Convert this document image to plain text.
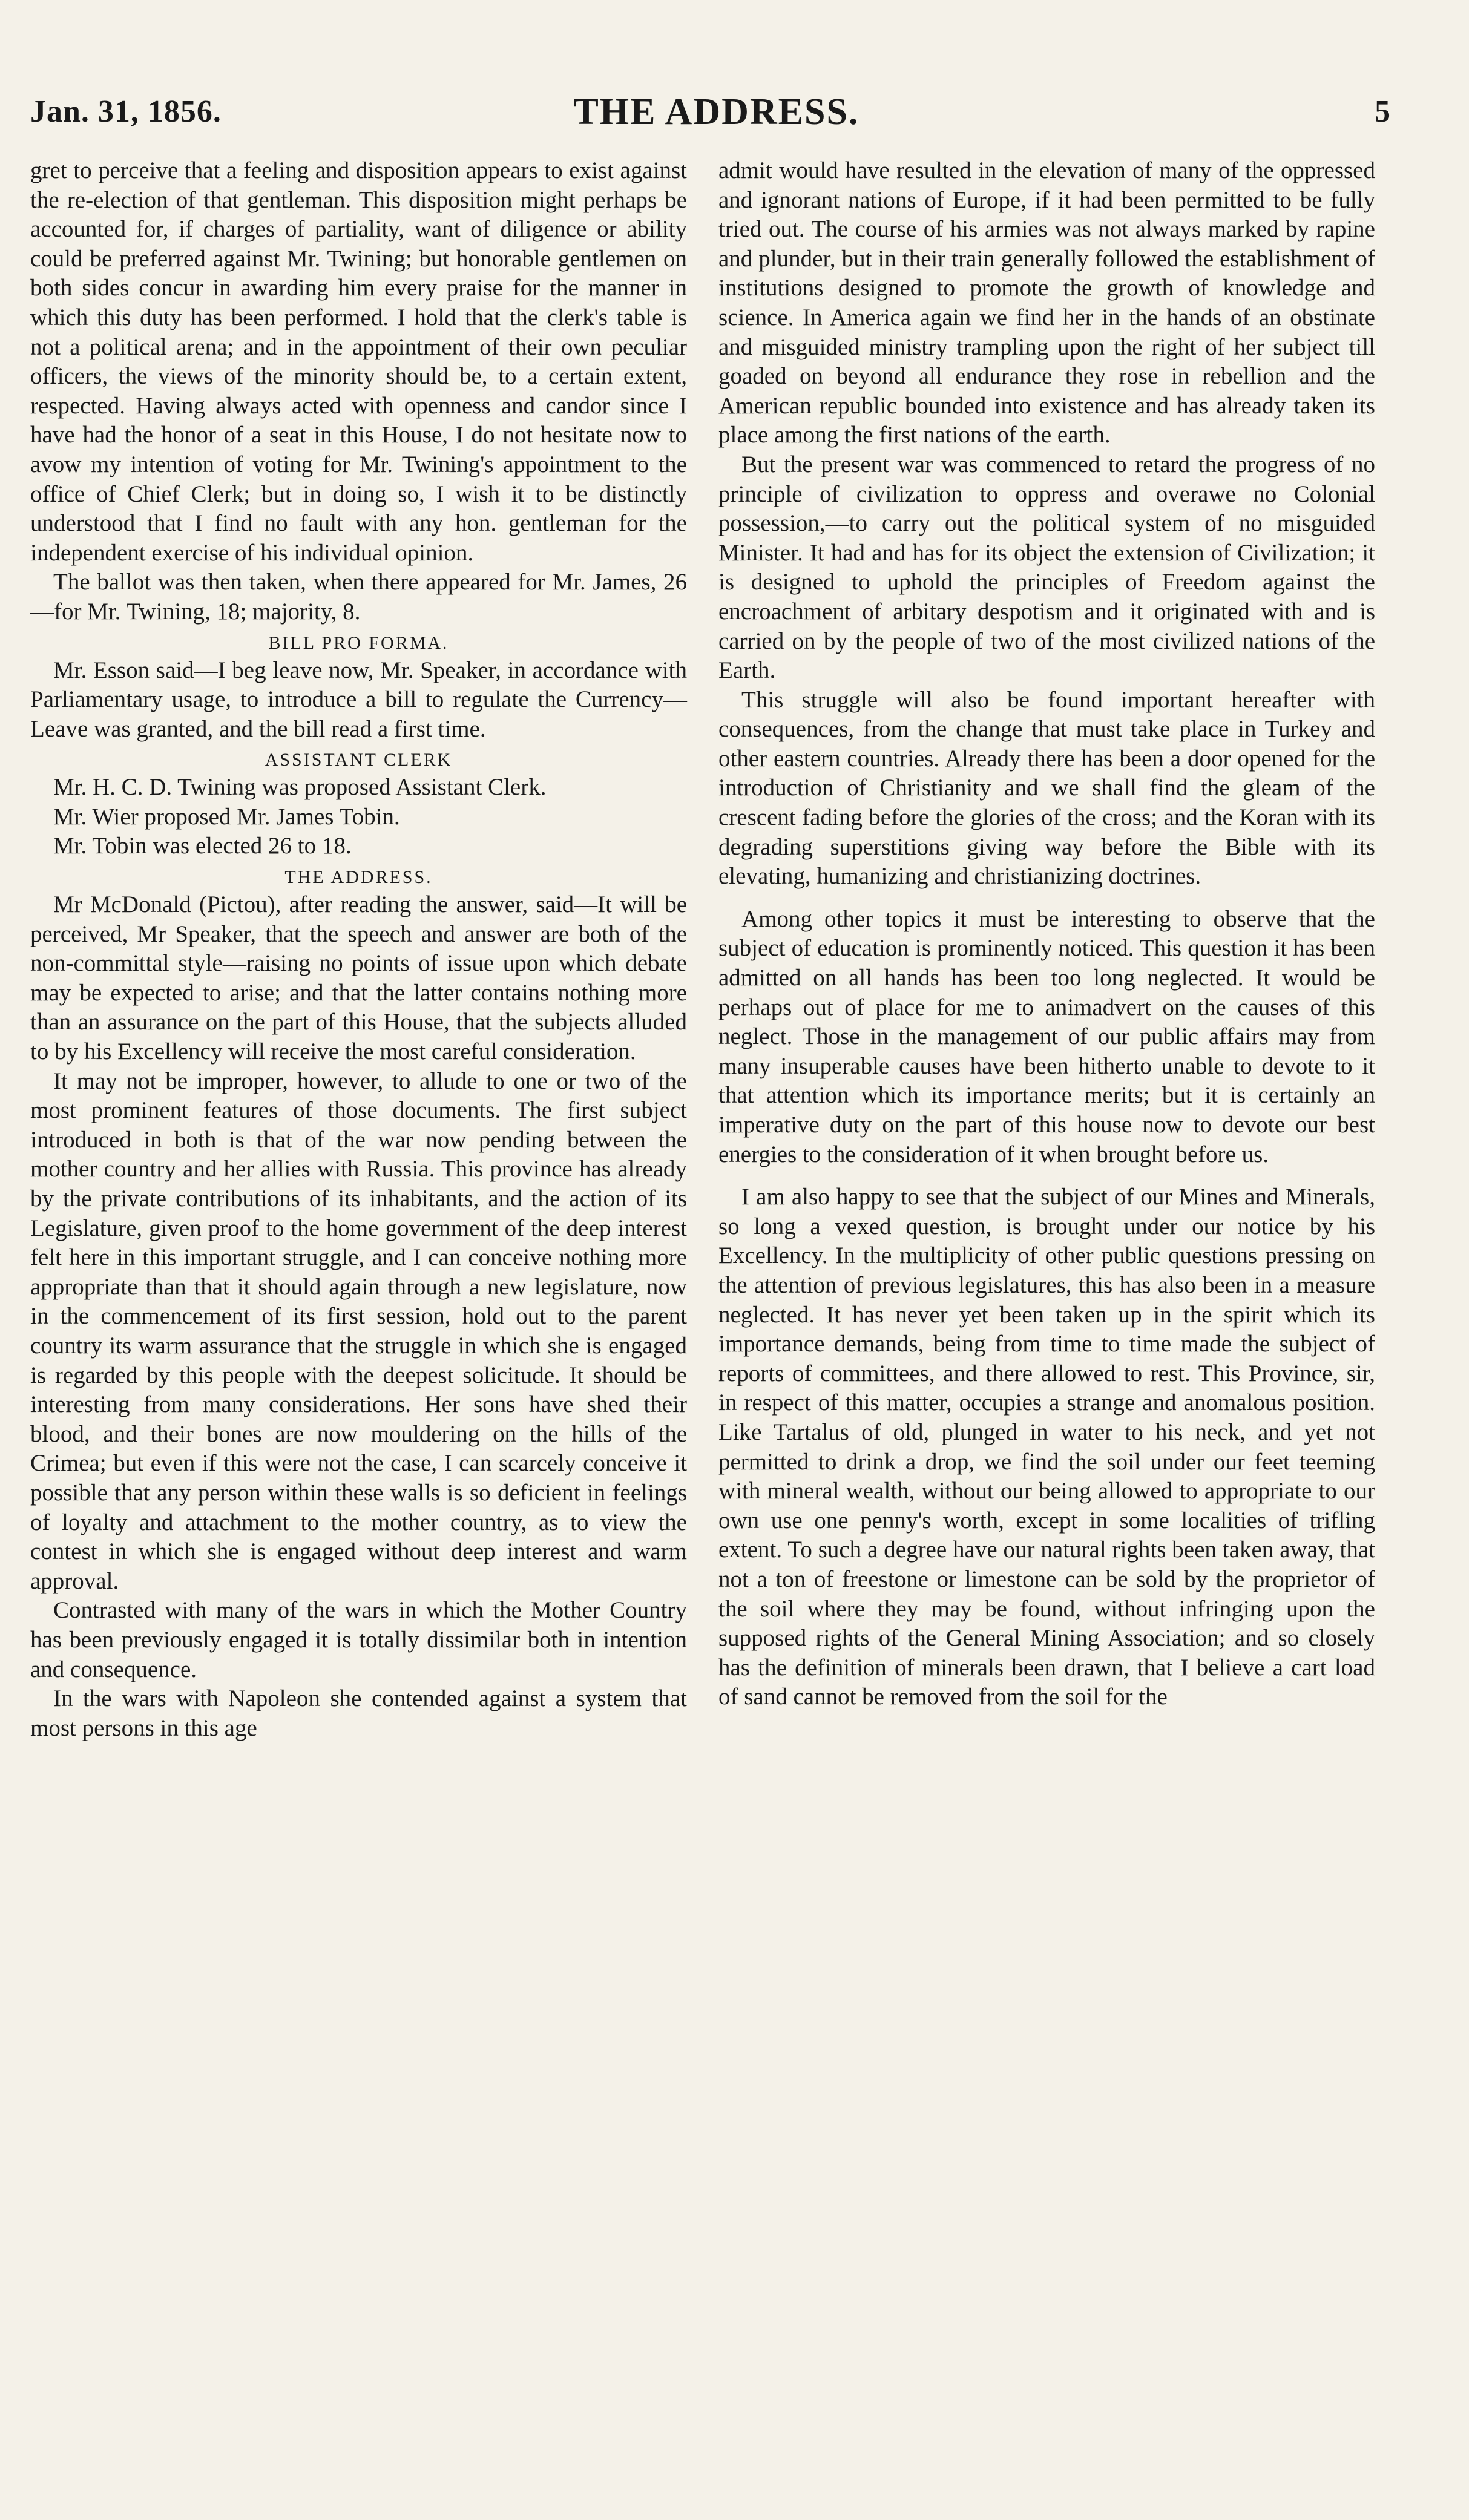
Jan. 31, 1856.	THE ADDRESS.	5

gret to perceive that a feeling and disposition appears to exist against the re-election of that gentleman. This disposition might perhaps be accounted for, if charges of partiality, want of diligence or ability could be preferred against Mr. Twining; but honorable gentlemen on both sides concur in awarding him every praise for the manner in which this duty has been performed. I hold that the clerk's table is not a political arena; and in the appointment of their own peculiar officers, the views of the minority should be, to a certain extent, respected. Having always acted with openness and candor since I have had the honor of a seat in this House, I do not hesitate now to avow my intention of voting for Mr. Twining's appointment to the office of Chief Clerk; but in doing so, I wish it to be distinctly understood that I find no fault with any hon. gentleman for the independent exercise of his individual opinion.

The ballot was then taken, when there appeared for Mr. James, 26—for Mr. Twining, 18; majority, 8.

BILL PRO FORMA.

Mr. Esson said—I beg leave now, Mr. Speaker, in accordance with Parliamentary usage, to introduce a bill to regulate the Currency—Leave was granted, and the bill read a first time.

ASSISTANT CLERK

Mr. H. C. D. Twining was proposed Assistant Clerk.

Mr. Wier proposed Mr. James Tobin.

Mr. Tobin was elected 26 to 18.

THE ADDRESS.

Mr McDonald (Pictou), after reading the answer, said—It will be perceived, Mr Speaker, that the speech and answer are both of the non-committal style—raising no points of issue upon which debate may be expected to arise; and that the latter contains nothing more than an assurance on the part of this House, that the subjects alluded to by his Excellency will receive the most careful consideration.

It may not be improper, however, to allude to one or two of the most prominent features of those documents. The first subject introduced in both is that of the war now pending between the mother country and her allies with Russia. This province has already by the private contributions of its inhabitants, and the action of its Legislature, given proof to the home government of the deep interest felt here in this important struggle, and I can conceive nothing more appropriate than that it should again through a new legislature, now in the commencement of its first session, hold out to the parent country its warm assurance that the struggle in which she is engaged is regarded by this people with the deepest solicitude. It should be interesting from many considerations. Her sons have shed their blood, and their bones are now mouldering on the hills of the Crimea; but even if this were not the case, I can scarcely conceive it possible that any person within these walls is so deficient in feelings of loyalty and attachment to the mother country, as to view the contest in which she is engaged without deep interest and warm approval.

Contrasted with many of the wars in which the Mother Country has been previously engaged it is totally dissimilar both in intention and consequence.

In the wars with Napoleon she contended against a system that most persons in this age

admit would have resulted in the elevation of many of the oppressed and ignorant nations of Europe, if it had been permitted to be fully tried out. The course of his armies was not always marked by rapine and plunder, but in their train generally followed the establishment of institutions designed to promote the growth of knowledge and science. In America again we find her in the hands of an obstinate and misguided ministry trampling upon the right of her subject till goaded on beyond all endurance they rose in rebellion and the American republic bounded into existence and has already taken its place among the first nations of the earth.

But the present war was commenced to retard the progress of no principle of civilization to oppress and overawe no Colonial possession,—to carry out the political system of no misguided Minister. It had and has for its object the extension of Civilization; it is designed to uphold the principles of Freedom against the encroachment of arbitary despotism and it originated with and is carried on by the people of two of the most civilized nations of the Earth.

This struggle will also be found important hereafter with consequences, from the change that must take place in Turkey and other eastern countries. Already there has been a door opened for the introduction of Christianity and we shall find the gleam of the crescent fading before the glories of the cross; and the Koran with its degrading superstitions giving way before the Bible with its elevating, humanizing and christianizing doctrines.

Among other topics it must be interesting to observe that the subject of education is prominently noticed. This question it has been admitted on all hands has been too long neglected. It would be perhaps out of place for me to animadvert on the causes of this neglect. Those in the management of our public affairs may from many insuperable causes have been hitherto unable to devote to it that attention which its importance merits; but it is certainly an imperative duty on the part of this house now to devote our best energies to the consideration of it when brought before us.

I am also happy to see that the subject of our Mines and Minerals, so long a vexed question, is brought under our notice by his Excellency. In the multiplicity of other public questions pressing on the attention of previous legislatures, this has also been in a measure neglected. It has never yet been taken up in the spirit which its importance demands, being from time to time made the subject of reports of committees, and there allowed to rest. This Province, sir, in respect of this matter, occupies a strange and anomalous position. Like Tartalus of old, plunged in water to his neck, and yet not permitted to drink a drop, we find the soil under our feet teeming with mineral wealth, without our being allowed to appropriate to our own use one penny's worth, except in some localities of trifling extent. To such a degree have our natural rights been taken away, that not a ton of freestone or limestone can be sold by the proprietor of the soil where they may be found, without infringing upon the supposed rights of the General Mining Association; and so closely has the definition of minerals been drawn, that I believe a cart load of sand cannot be removed from the soil for the
